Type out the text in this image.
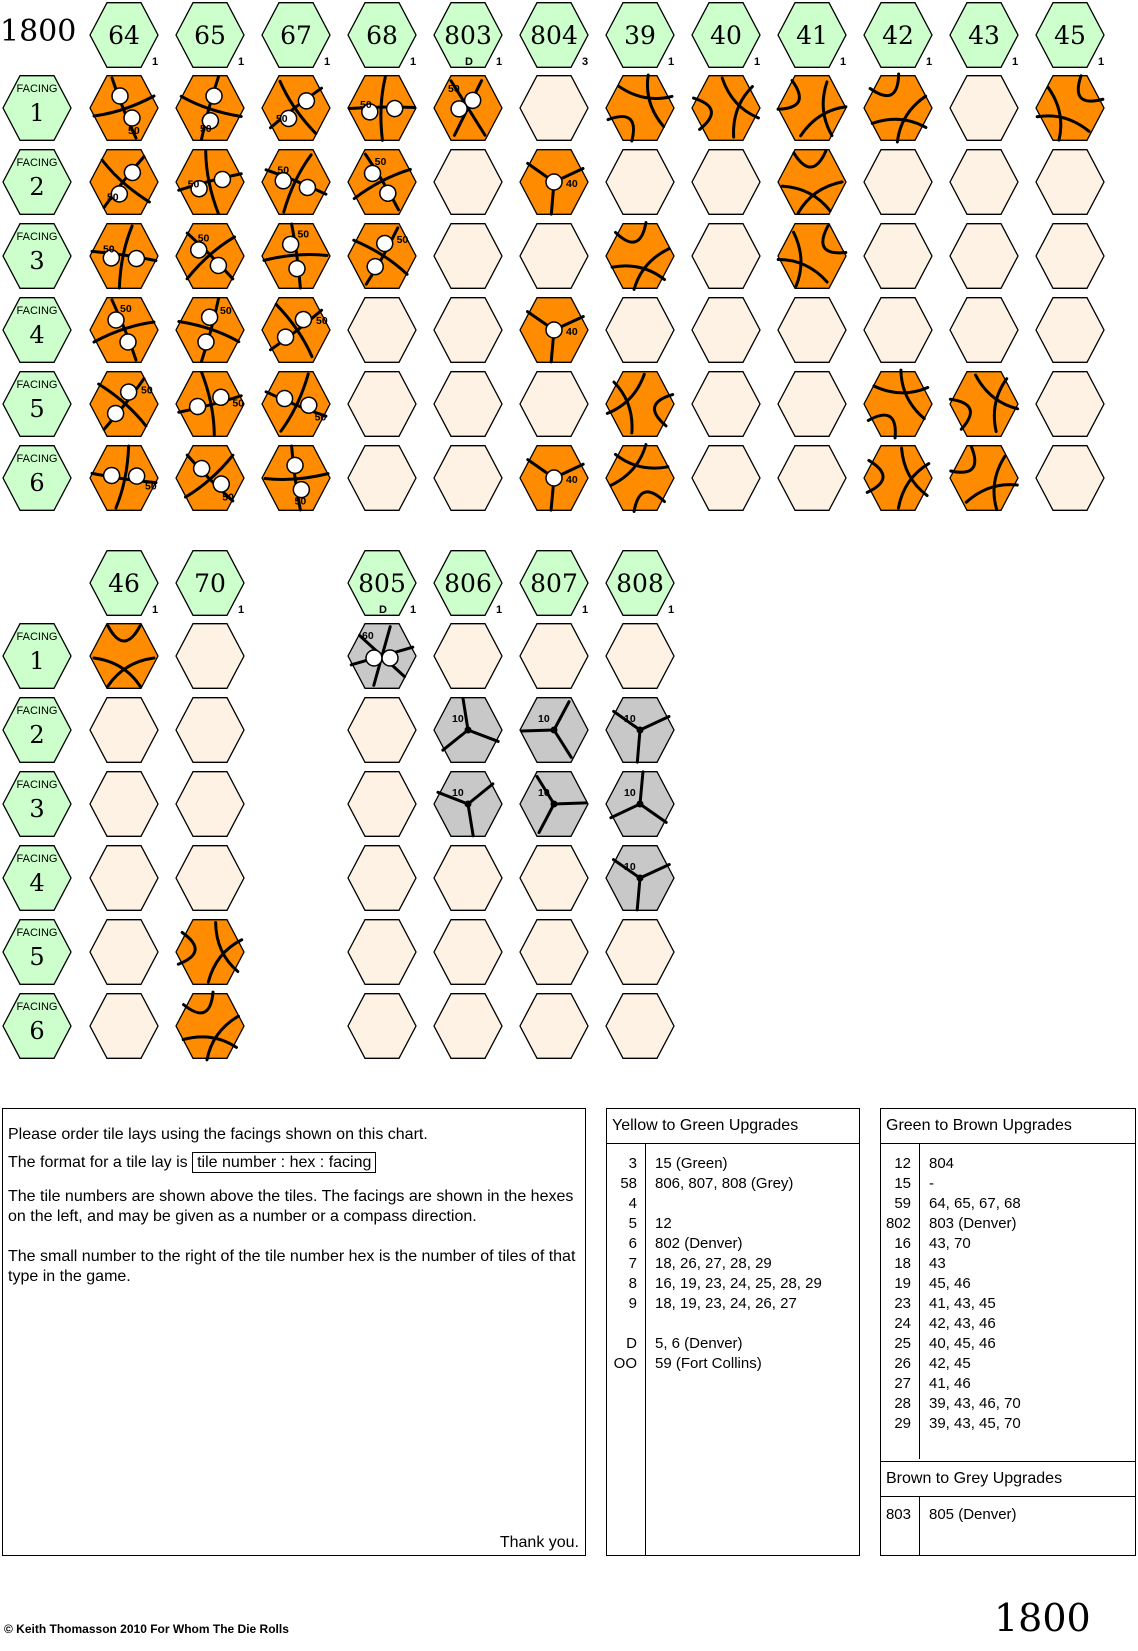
FACING
1
FACING
2
FACING
3
FACING
4
FACING
5
FACING
6
64
1
50
50
50
50
50
50
65
1
50
50
50
50
50
50
67
1
50
50
50
50
50
50
68
1
50
50
50
803
1
D
50
804
3
40
40
40
39
1
40
1
41
1
42
1
43
1
45
1
FACING
1
FACING
2
FACING
3
FACING
4
FACING
5
FACING
6
46
1
70
1
805
1
D
60
806
1
10
10
807
1
10
10
808
1
10
10
10
1800

Please order tile lays using the facings shown on this chart.

The format for a tile lay is tile number : hex : facing

The tile numbers are shown above the tiles. The facings are shown in the hexes on the left, and may be given as a number or a compass direction.

The small number to the right of the tile number hex is the number of tiles of that type in the game.

Thank you.
Yellow to Green Upgrades
3 15 (Green)
58 806, 807, 808 (Grey)
4
5 12
6 802 (Denver)
7 18, 26, 27, 28, 29
8 16, 19, 23, 24, 25, 28, 29
9 18, 19, 23, 24, 26, 27
D 5, 6 (Denver)
OO 59 (Fort Collins)
Green to Brown Upgrades
12 804
15 -
59 64, 65, 67, 68
802 803 (Denver)
16 43, 70
18 43
19 45, 46
23 41, 43, 45
24 42, 43, 46
25 40, 45, 46
26 42, 45
27 41, 46
28 39, 43, 46, 70
29 39, 43, 45, 70
Brown to Grey Upgrades
803 805 (Denver)
© Keith Thomasson 2010 For Whom The Die Rolls	1800
